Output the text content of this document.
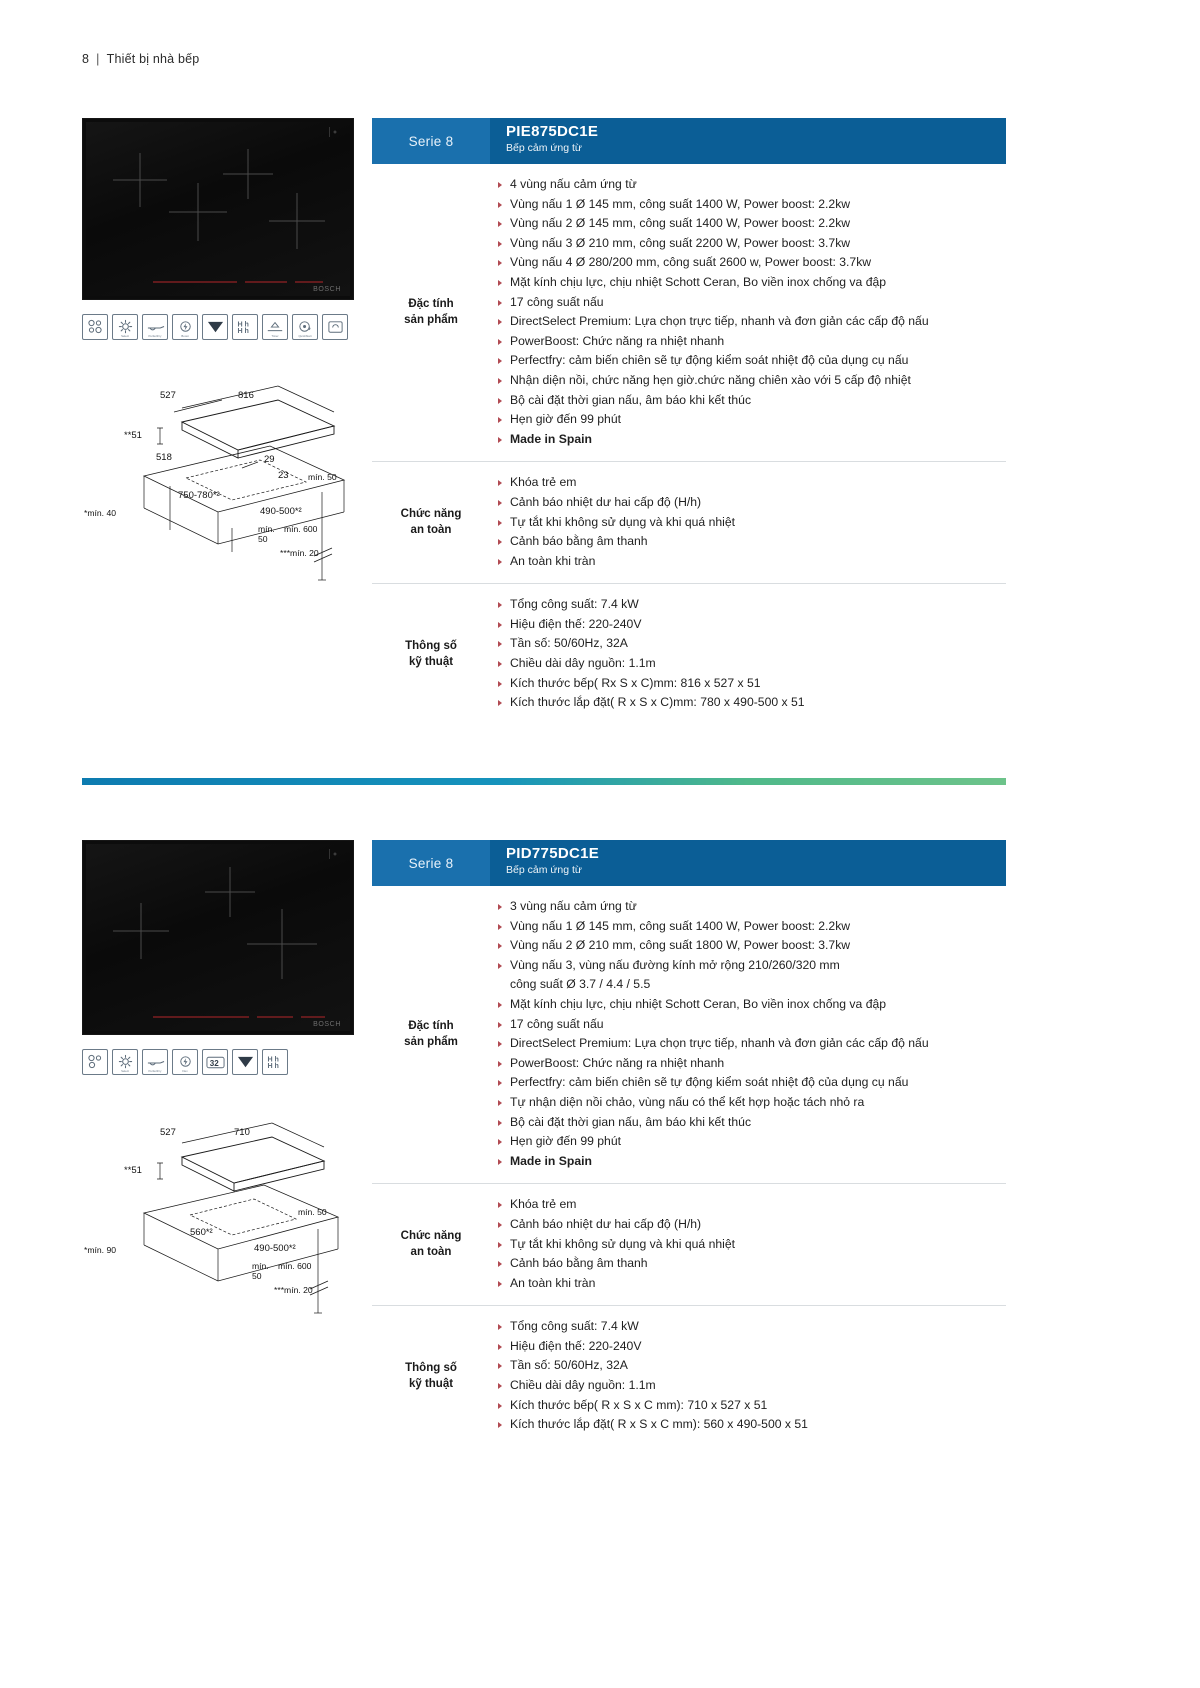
8 | Thiết bị nhà bếp
BOSCH
Select	PerfectFry	Boost
H h
H h
Timer	QuickStart
527	816
**51
518	29
23 mín. 50
750-780*²
490-500*²
*mín. 40
mín.
50
mín. 600
***mín. 20
Serie 8
PIE875DC1E
Bếp cảm ứng từ
Đặc tính
sản phẩm
4 vùng nấu cảm ứng từ
Vùng nấu 1 Ø 145 mm, công suất 1400 W, Power boost: 2.2kw
Vùng nấu 2 Ø 145 mm, công suất 1400 W, Power boost: 2.2kw
Vùng nấu 3 Ø 210 mm, công suất 2200 W, Power boost: 3.7kw
Vùng nấu 4 Ø 280/200 mm, công suất 2600 w, Power boost: 3.7kw
Mặt kính chịu lực, chịu nhiệt Schott Ceran, Bo viền inox chống va đập
17 công suất nấu
DirectSelect Premium: Lựa chọn trực tiếp, nhanh và đơn giản các cấp độ nấu
PowerBoost: Chức năng ra nhiệt nhanh
Perfectfry: cảm biến chiên sẽ tự động kiểm soát nhiệt độ của dụng cụ nấu
Nhận diện nồi, chức năng hẹn giờ.chức năng chiên xào với 5 cấp độ nhiệt
Bộ cài đặt thời gian nấu, âm báo khi kết thúc
Hẹn giờ đến 99 phút
Made in Spain
Chức năng
an toàn
Khóa trẻ em
Cảnh báo nhiệt dư hai cấp độ (H/h)
Tự tắt khi không sử dụng và khi quá nhiệt
Cảnh báo bằng âm thanh
An toàn khi tràn
Thông số
kỹ thuật
Tổng công suất: 7.4 kW
Hiệu điện thế: 220-240V
Tần số: 50/60Hz, 32A
Chiều dài dây nguồn: 1.1m
Kích thước bếp( Rx S x C)mm: 816 x 527 x 51
Kích thước lắp đặt( R x S x C)mm: 780 x 490-500 x 51
BOSCH
Select	PerfectFry	Flex
32	H h
H h
527	710
**51
mín. 50
560*²
490-500*²
*mín. 90
mín.
50
mín. 600
***mín. 20
Serie 8
PID775DC1E
Bếp cảm ứng từ
Đặc tính
sản phẩm
3 vùng nấu cảm ứng từ
Vùng nấu 1 Ø 145 mm, công suất 1400 W, Power boost: 2.2kw
Vùng nấu 2 Ø 210 mm, công suất 1800 W, Power boost: 3.7kw
Vùng nấu 3, vùng nấu đường kính mở rộng 210/260/320 mm
công suất Ø 3.7 / 4.4 / 5.5
Mặt kính chịu lực, chịu nhiệt Schott Ceran, Bo viền inox chống va đập
17 công suất nấu
DirectSelect Premium: Lựa chọn trực tiếp, nhanh và đơn giản các cấp độ nấu
PowerBoost: Chức năng ra nhiệt nhanh
Perfectfry: cảm biến chiên sẽ tự động kiểm soát nhiệt độ của dụng cụ nấu
Tự nhận diện nồi chảo, vùng nấu có thể kết hợp hoặc tách nhỏ ra
Bộ cài đặt thời gian nấu, âm báo khi kết thúc
Hẹn giờ đến 99 phút
Made in Spain
Chức năng
an toàn
Khóa trẻ em
Cảnh báo nhiệt dư hai cấp độ (H/h)
Tự tắt khi không sử dụng và khi quá nhiệt
Cảnh báo bằng âm thanh
An toàn khi tràn
Thông số
kỹ thuật
Tổng công suất: 7.4 kW
Hiệu điện thế: 220-240V
Tần số: 50/60Hz, 32A
Chiều dài dây nguồn: 1.1m
Kích thước bếp( R x S x C mm): 710 x 527 x 51
Kích thước lắp đặt( R x S x C mm): 560 x 490-500 x 51
